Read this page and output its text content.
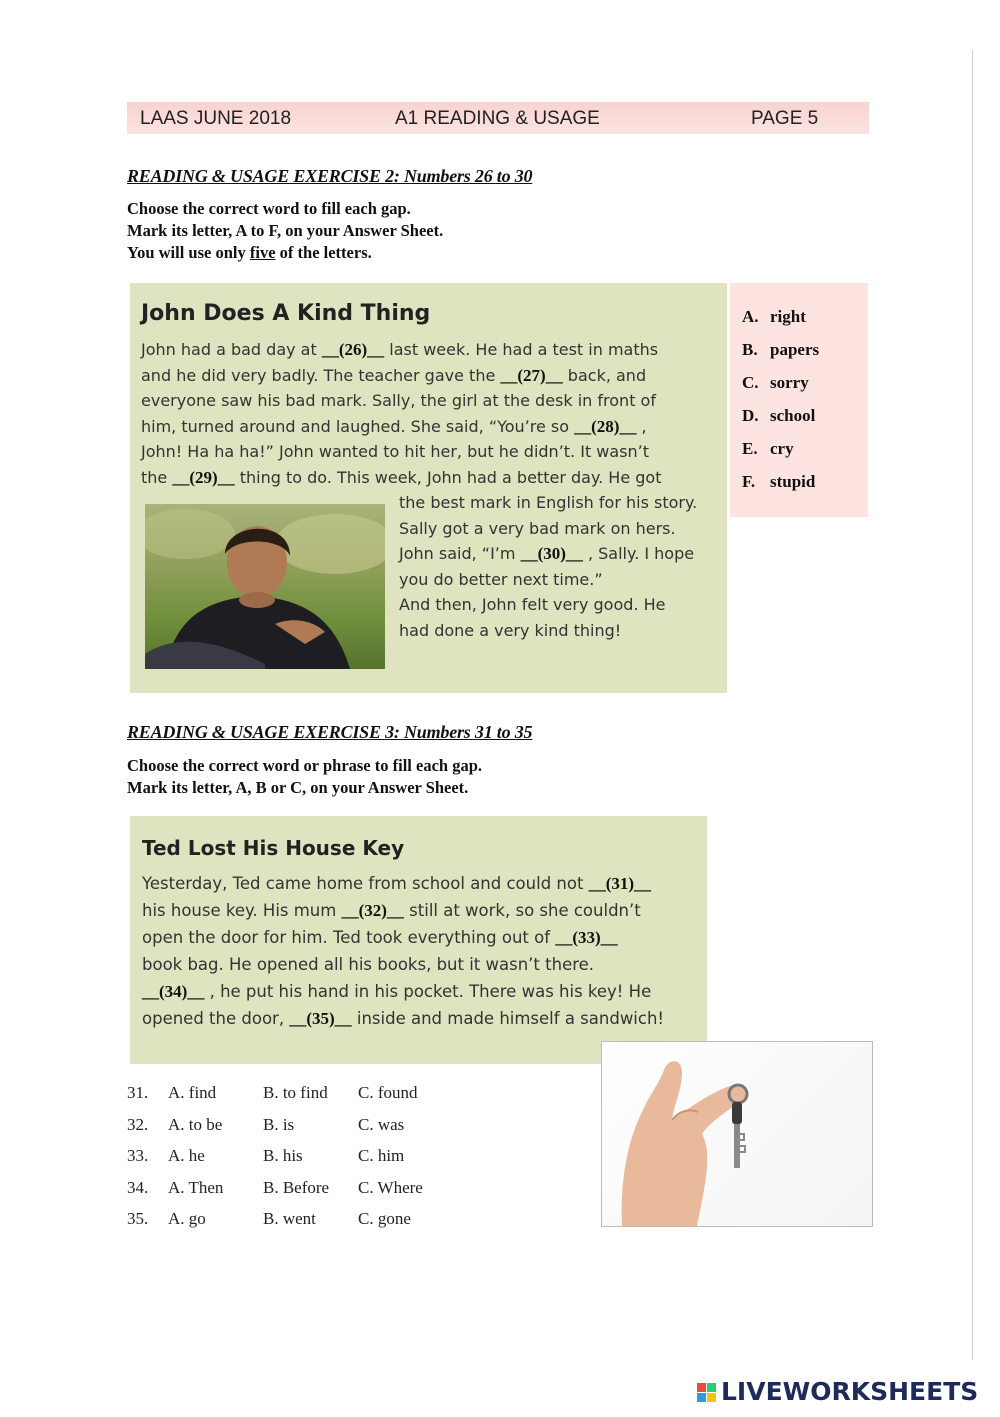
LAAS JUNE 2018	A1 READING & USAGE	PAGE 5
READING & USAGE EXERCISE 2: Numbers 26 to 30
Choose the correct word to fill each gap.
Mark its letter, A to F, on your Answer Sheet.
You will use only five of the letters.
John Does A Kind Thing
John had a bad day at __(26)__ last week. He had a test in maths
and he did very badly. The teacher gave the __(27)__ back, and
everyone saw his bad mark. Sally, the girl at the desk in front of
him, turned around and laughed. She said, “You’re so __(28)__ ,
John! Ha ha ha!” John wanted to hit her, but he didn’t. It wasn’t
the __(29)__ thing to do. This week, John had a better day. He got
the best mark in English for his story.
Sally got a very bad mark on hers.
John said, “I’m __(30)__ , Sally. I hope
you do better next time.”
And then, John felt very good. He
had done a very kind thing!
A. right
B. papers
C. sorry
D. school
E. cry
F. stupid
READING & USAGE EXERCISE 3: Numbers 31 to 35
Choose the correct word or phrase to fill each gap.
Mark its letter, A, B or C, on your Answer Sheet.
Ted Lost His House Key
Yesterday, Ted came home from school and could not __(31)__
his house key. His mum __(32)__ still at work, so she couldn’t
open the door for him. Ted took everything out of __(33)__
book bag. He opened all his books, but it wasn’t there.
__(34)__ , he put his hand in his pocket. There was his key! He
opened the door, __(35)__ inside and made himself a sandwich!
31. A. find	B. to find C. found
32. A. to be B. is	C. was
33. A. he	B. his	C. him
34. A. Then B. Before C. Where
35. A. go	B. went C. gone
LIVEWORKSHEETS
